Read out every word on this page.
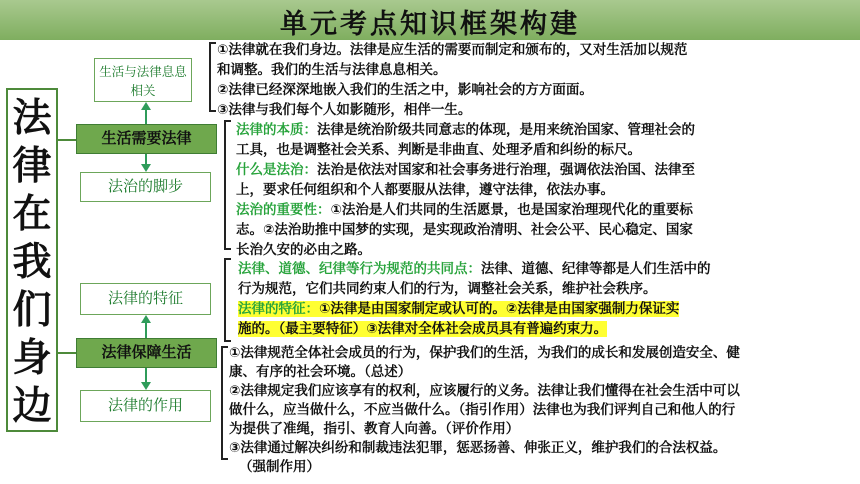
单元考点知识框架构建
法
律
在
我
们
身
边
生活与法律息息相关
生活需要法律
法治的脚步
法律的特征
法律保障生活
法律的作用
①法律就在我们身边。法律是应生活的需要而制定和颁布的，又对生活加以规范
和调整。我们的生活与法律息息相关。
②法律已经深深地嵌入我们的生活之中，影响社会的方方面面。
③法律与我们每个人如影随形，相伴一生。
法律的本质：法律是统治阶级共同意志的体现，是用来统治国家、管理社会的
工具，也是调整社会关系、判断是非曲直、处理矛盾和纠纷的标尺。
什么是法治：法治是依法对国家和社会事务进行治理，强调依法治国、法律至
上，要求任何组织和个人都要服从法律，遵守法律，依法办事。
法治的重要性：①法治是人们共同的生活愿景，也是国家治理现代化的重要标
志。②法治助推中国梦的实现，是实现政治清明、社会公平、民心稳定、国家
长治久安的必由之路。
法律、道德、纪律等行为规范的共同点：法律、道德、纪律等都是人们生活中的
行为规范，它们共同约束人们的行为，调整社会关系，维护社会秩序。
法律的特征：①法律是由国家制定或认可的。②法律是由国家强制力保证实
施的。（最主要特征）③法律对全体社会成员具有普遍约束力。
①法律规范全体社会成员的行为，保护我们的生活，为我们的成长和发展创造安全、健
康、有序的社会环境。（总述）
②法律规定我们应该享有的权利，应该履行的义务。法律让我们懂得在社会生活中可以
做什么，应当做什么，不应当做什么。（指引作用）法律也为我们评判自己和他人的行
为提供了准绳，指引、教育人向善。（评价作用）
③法律通过解决纠纷和制裁违法犯罪，惩恶扬善、伸张正义，维护我们的合法权益。
（强制作用）
